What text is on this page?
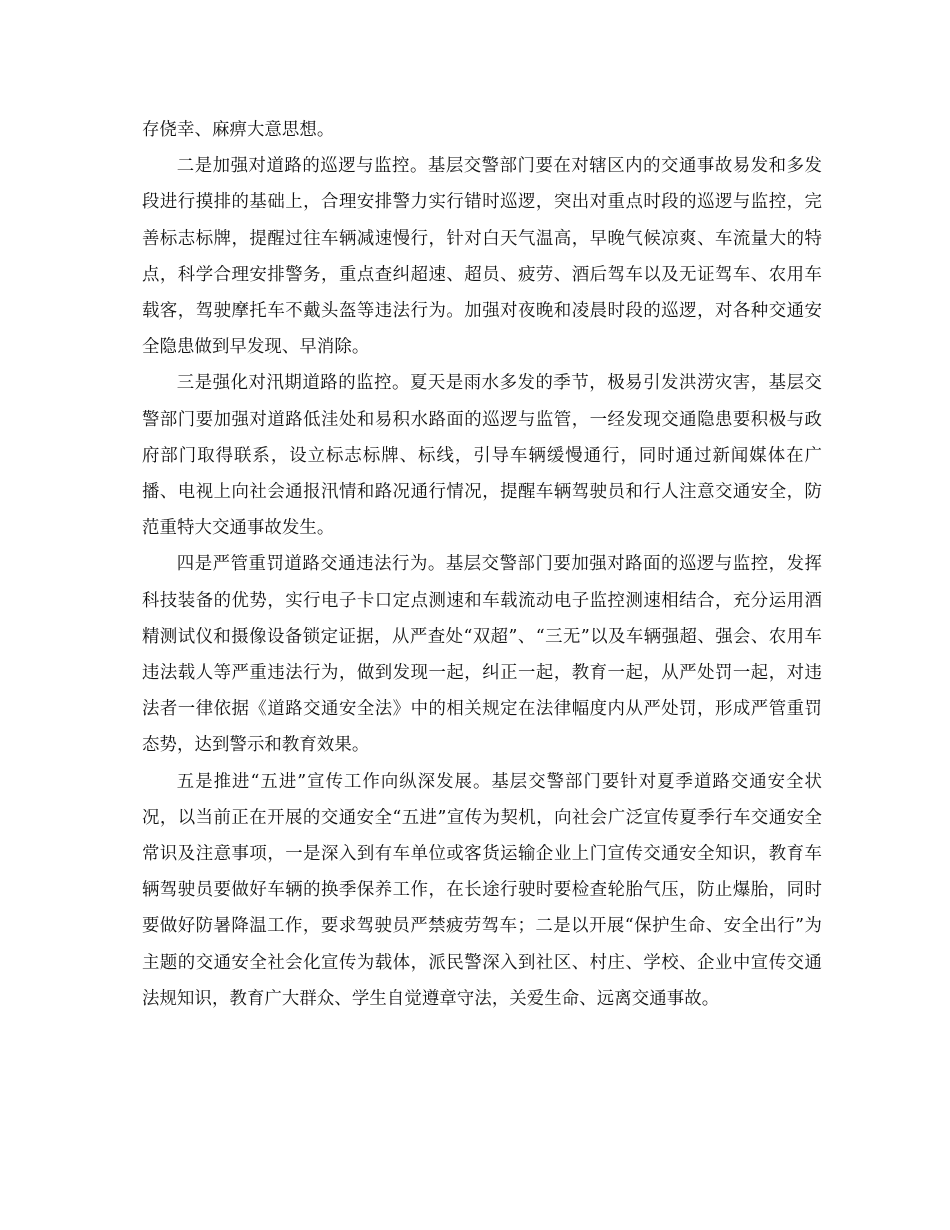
存侥幸、麻痹大意思想。

二是加强对道路的巡逻与监控。基层交警部门要在对辖区内的交通事故易发和多发段进行摸排的基础上，合理安排警力实行错时巡逻，突出对重点时段的巡逻与监控，完善标志标牌，提醒过往车辆减速慢行，针对白天气温高，早晚气候凉爽、车流量大的特点，科学合理安排警务，重点查纠超速、超员、疲劳、酒后驾车以及无证驾车、农用车载客，驾驶摩托车不戴头盔等违法行为。加强对夜晚和凌晨时段的巡逻，对各种交通安全隐患做到早发现、早消除。

三是强化对汛期道路的监控。夏天是雨水多发的季节，极易引发洪涝灾害，基层交警部门要加强对道路低洼处和易积水路面的巡逻与监管，一经发现交通隐患要积极与政府部门取得联系，设立标志标牌、标线，引导车辆缓慢通行，同时通过新闻媒体在广播、电视上向社会通报汛情和路况通行情况，提醒车辆驾驶员和行人注意交通安全，防范重特大交通事故发生。

四是严管重罚道路交通违法行为。基层交警部门要加强对路面的巡逻与监控，发挥科技装备的优势，实行电子卡口定点测速和车载流动电子监控测速相结合，充分运用酒精测试仪和摄像设备锁定证据，从严查处“双超”、“三无”以及车辆强超、强会、农用车违法载人等严重违法行为，做到发现一起，纠正一起，教育一起，从严处罚一起，对违法者一律依据《道路交通安全法》中的相关规定在法律幅度内从严处罚，形成严管重罚态势，达到警示和教育效果。

五是推进“五进”宣传工作向纵深发展。基层交警部门要针对夏季道路交通安全状况，以当前正在开展的交通安全“五进”宣传为契机，向社会广泛宣传夏季行车交通安全常识及注意事项，一是深入到有车单位或客货运输企业上门宣传交通安全知识，教育车辆驾驶员要做好车辆的换季保养工作，在长途行驶时要检查轮胎气压，防止爆胎，同时要做好防暑降温工作，要求驾驶员严禁疲劳驾车；二是以开展“保护生命、安全出行”为主题的交通安全社会化宣传为载体，派民警深入到社区、村庄、学校、企业中宣传交通法规知识，教育广大群众、学生自觉遵章守法，关爱生命、远离交通事故。
